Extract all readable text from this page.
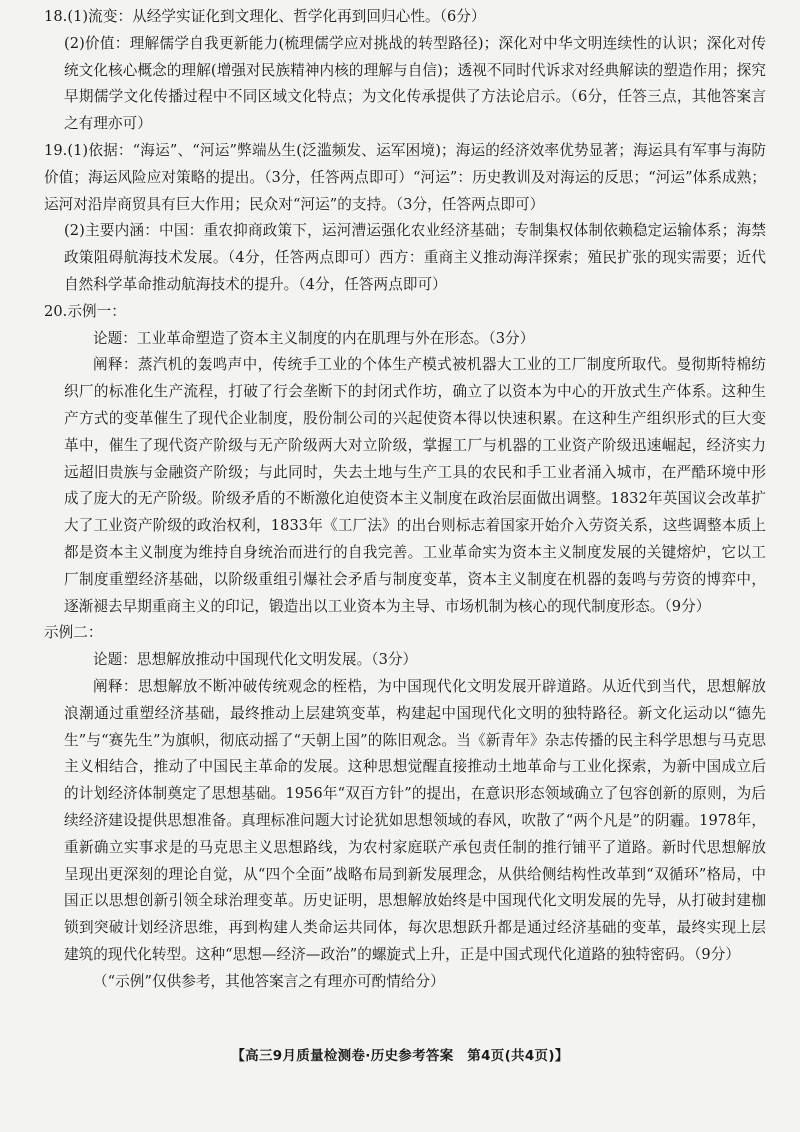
18.(1)流变：从经学实证化到文理化、哲学化再到回归心性。（6分）

(2)价值：理解儒学自我更新能力(梳理儒学应对挑战的转型路径)；深化对中华文明连续性的认识；深化对传统文化核心概念的理解(增强对民族精神内核的理解与自信)；透视不同时代诉求对经典解读的塑造作用；探究早期儒学文化传播过程中不同区域文化特点；为文化传承提供了方法论启示。（6分，任答三点，其他答案言之有理亦可）

19.(1)依据：“海运”、“河运”弊端丛生(泛滥频发、运军困境)；海运的经济效率优势显著；海运具有军事与海防价值；海运风险应对策略的提出。（3分，任答两点即可）“河运”：历史教训及对海运的反思；“河运”体系成熟；运河对沿岸商贸具有巨大作用；民众对“河运”的支持。（3分，任答两点即可）

(2)主要内涵：中国：重农抑商政策下，运河漕运强化农业经济基础；专制集权体制依赖稳定运输体系；海禁政策阻碍航海技术发展。（4分，任答两点即可）西方：重商主义推动海洋探索；殖民扩张的现实需要；近代自然科学革命推动航海技术的提升。（4分，任答两点即可）

20.示例一：

论题：工业革命塑造了资本主义制度的内在肌理与外在形态。（3分）

阐释：蒸汽机的轰鸣声中，传统手工业的个体生产模式被机器大工业的工厂制度所取代。曼彻斯特棉纺织厂的标准化生产流程，打破了行会垄断下的封闭式作坊，确立了以资本为中心的开放式生产体系。这种生产方式的变革催生了现代企业制度，股份制公司的兴起使资本得以快速积累。在这种生产组织形式的巨大变革中，催生了现代资产阶级与无产阶级两大对立阶级，掌握工厂与机器的工业资产阶级迅速崛起，经济实力远超旧贵族与金融资产阶级；与此同时，失去土地与生产工具的农民和手工业者涌入城市，在严酷环境中形成了庞大的无产阶级。阶级矛盾的不断激化迫使资本主义制度在政治层面做出调整。1832年英国议会改革扩大了工业资产阶级的政治权利，1833年《工厂法》的出台则标志着国家开始介入劳资关系，这些调整本质上都是资本主义制度为维持自身统治而进行的自我完善。工业革命实为资本主义制度发展的关键熔炉，它以工厂制度重塑经济基础，以阶级重组引爆社会矛盾与制度变革，资本主义制度在机器的轰鸣与劳资的博弈中，逐渐褪去早期重商主义的印记，锻造出以工业资本为主导、市场机制为核心的现代制度形态。（9分）

示例二：

论题：思想解放推动中国现代化文明发展。（3分）

阐释：思想解放不断冲破传统观念的桎梏，为中国现代化文明发展开辟道路。从近代到当代，思想解放浪潮通过重塑经济基础，最终推动上层建筑变革，构建起中国现代化文明的独特路径。新文化运动以“德先生”与“赛先生”为旗帜，彻底动摇了“天朝上国”的陈旧观念。当《新青年》杂志传播的民主科学思想与马克思主义相结合，推动了中国民主革命的发展。这种思想觉醒直接推动土地革命与工业化探索，为新中国成立后的计划经济体制奠定了思想基础。1956年“双百方针”的提出，在意识形态领域确立了包容创新的原则，为后续经济建设提供思想准备。真理标准问题大讨论犹如思想领域的春风，吹散了“两个凡是”的阴霾。1978年，重新确立实事求是的马克思主义思想路线，为农村家庭联产承包责任制的推行铺平了道路。新时代思想解放呈现出更深刻的理论自觉，从“四个全面”战略布局到新发展理念，从供给侧结构性改革到“双循环”格局，中国正以思想创新引领全球治理变革。历史证明，思想解放始终是中国现代化文明发展的先导，从打破封建枷锁到突破计划经济思维，再到构建人类命运共同体，每次思想跃升都是通过经济基础的变革，最终实现上层建筑的现代化转型。这种“思想—经济—政治”的螺旋式上升，正是中国式现代化道路的独特密码。（9分）

（“示例”仅供参考，其他答案言之有理亦可酌情给分）

【高三9月质量检测卷·历史参考答案　第4页(共4页)】
